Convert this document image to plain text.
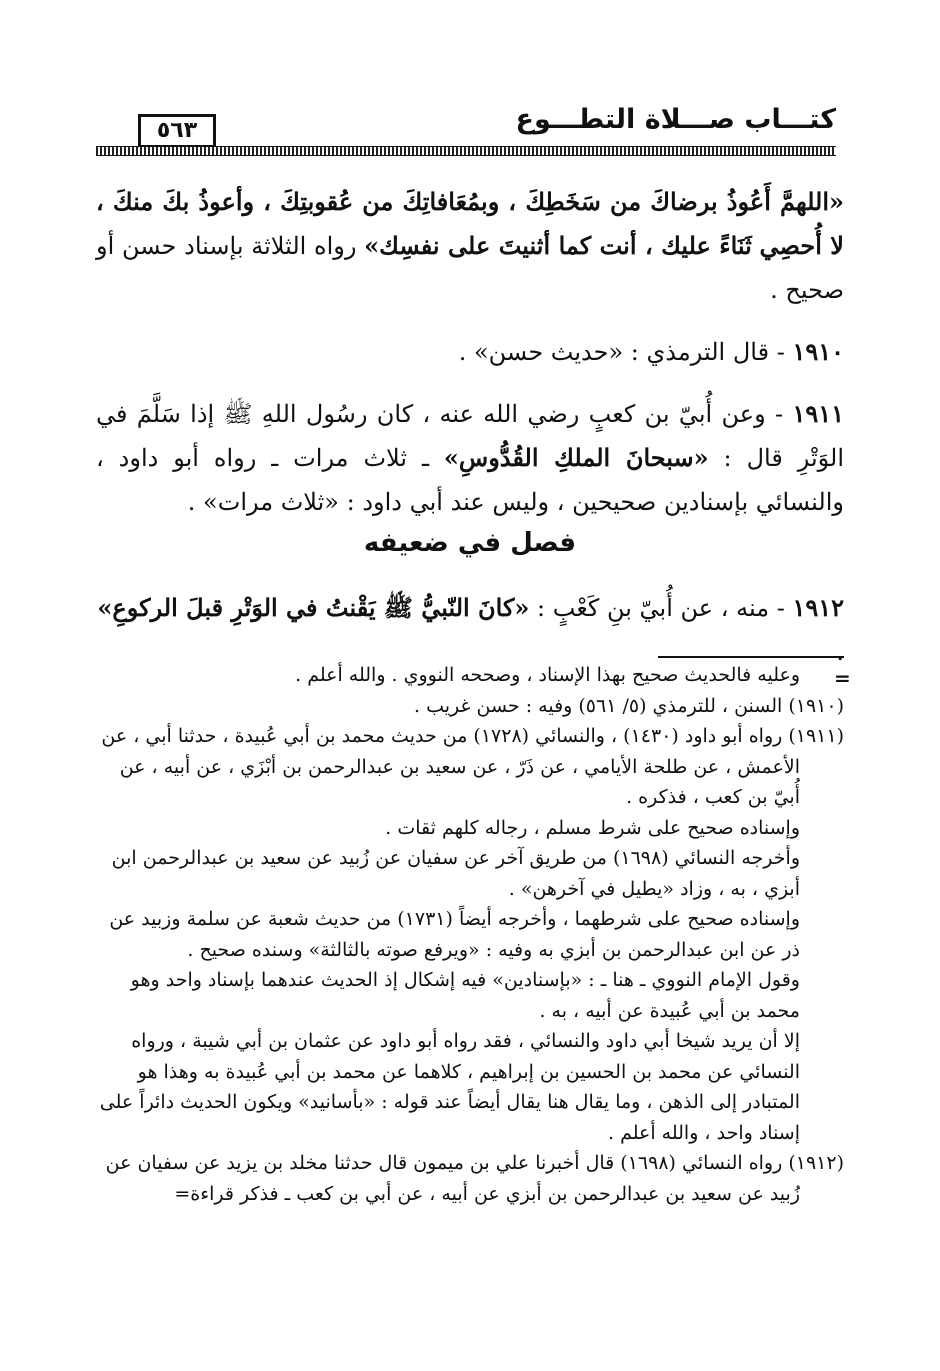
كتـــاب صـــلاة التطـــوع
٥٦٣

«اللهمَّ أَعُوذُ برضاكَ من سَخَطِكَ ، وبمُعَافاتِكَ من عُقوبتِكَ ، وأعوذُ بكَ منكَ ، لا أُحصِي ثَنَاءً عليك ، أنت كما أثنيتَ على نفسِك» رواه الثلاثة بإسناد حسن أو صحيح .

١٩١٠ - قال الترمذي : «حديث حسن» .

١٩١١ - وعن أُبيّ بن كعبٍ رضي الله عنه ، كان رسُول اللهِ ﷺ إذا سَلَّمَ في الوَتْرِ قال : «سبحانَ الملكِ القُدُّوسِ» ـ ثلاث مرات ـ رواه أبو داود ، والنسائي بإسنادين صحيحين ، وليس عند أبي داود : «ثلاث مرات» .

فصل في ضعيفه
١٩١٢ - منه ، عن أُبيّ بنِ كَعْبٍ : «كانَ النّبيُّ ﷺ يَقْنتُ في الوَتْرِ قبلَ الركوعِ» .
=

وعليه فالحديث صحيح بهذا الإسناد ، وصححه النووي . والله أعلم .

(١٩١٠) السنن ، للترمذي (٥/ ٥٦١) وفيه : حسن غريب .

(١٩١١) رواه أبو داود (١٤٣٠) ، والنسائي (١٧٢٨) من حديث محمد بن أبي عُبيدة ، حدثنا أبي ، عن الأعمش ، عن طلحة الأيامي ، عن ذَرّ ، عن سعيد بن عبدالرحمن بن أبْزَي ، عن أبيه ، عن أُبيّ بن كعب ، فذكره .

وإسناده صحيح على شرط مسلم ، رجاله كلهم ثقات .

وأخرجه النسائي (١٦٩٨) من طريق آخر عن سفيان عن زُبيد عن سعيد بن عبدالرحمن ابن أبزي ، به ، وزاد «يطيل في آخرهن» .

وإسناده صحيح على شرطهما ، وأخرجه أيضاً (١٧٣١) من حديث شعبة عن سلمة وزبيد عن ذر عن ابن عبدالرحمن بن أبزي به وفيه : «ويرفع صوته بالثالثة» وسنده صحيح .

وقول الإمام النووي ـ هنا ـ : «بإسنادين» فيه إشكال إذ الحديث عندهما بإسناد واحد وهو محمد بن أبي عُبيدة عن أبيه ، به .

إلا أن يريد شيخا أبي داود والنسائي ، فقد رواه أبو داود عن عثمان بن أبي شيبة ، ورواه النسائي عن محمد بن الحسين بن إبراهيم ، كلاهما عن محمد بن أبي عُبيدة به وهذا هو المتبادر إلى الذهن ، وما يقال هنا يقال أيضاً عند قوله : «بأسانيد» ويكون الحديث دائراً على إسناد واحد ، والله أعلم .

(١٩١٢) رواه النسائي (١٦٩٨) قال أخبرنا علي بن ميمون قال حدثنا مخلد بن يزيد عن سفيان عن زُبيد عن سعيد بن عبدالرحمن بن أبزي عن أبيه ، عن أبي بن كعب ـ فذكر قراءة=
